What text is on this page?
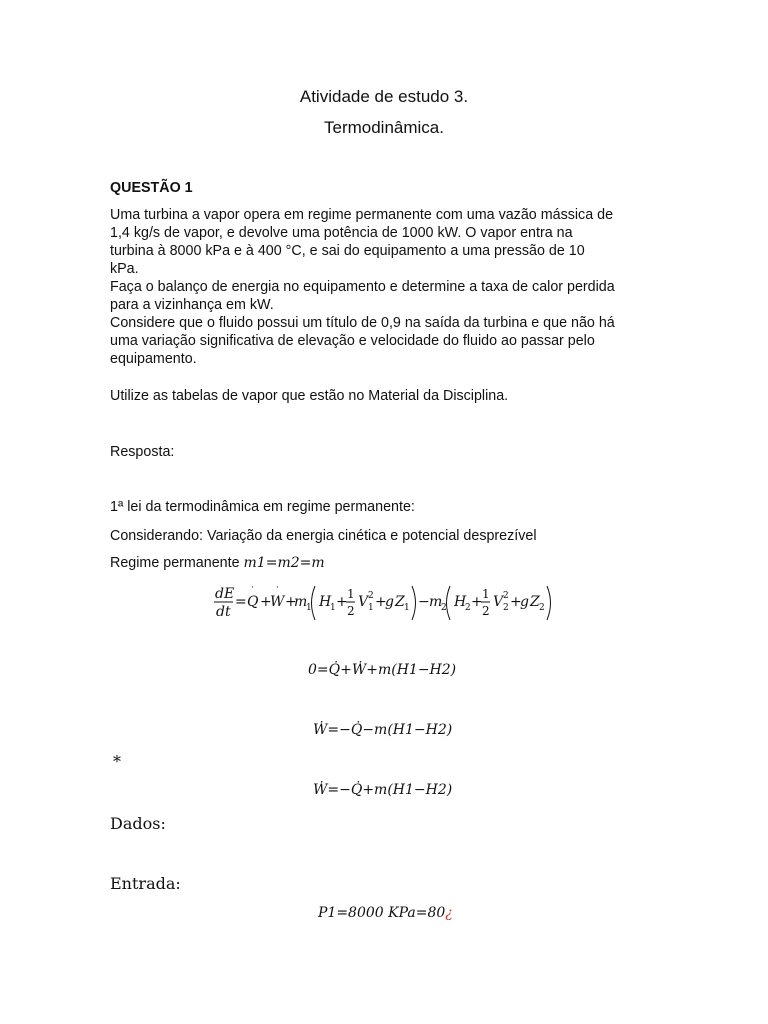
Atividade de estudo 3.
Termodinâmica.
QUESTÃO 1
Uma turbina a vapor opera em regime permanente com uma vazão mássica de
1,4 kg/s de vapor, e devolve uma potência de 1000 kW. O vapor entra na
turbina à 8000 kPa e à 400 °C, e sai do equipamento a uma pressão de 10
kPa.
Faça o balanço de energia no equipamento e determine a taxa de calor perdida
para a vizinhança em kW.
Considere que o fluido possui um título de 0,9 na saída da turbina e que não há
uma variação significativa de elevação e velocidade do fluido ao passar pelo
equipamento.
Utilize as tabelas de vapor que estão no Material da Disciplina.
Resposta:
1ª lei da termodinâmica em regime permanente:
Considerando: Variação da energia cinética e potencial desprezível
Regime permanente m1=m2=m
dE
dt
= Q
˙
+
W
˙
+
m
1 H
1 + 1
2
V 2
1 +
g Z 1 − m
2 H
2 + 1
2
V 2
2 +
g Z 2
0=Q̇+Ẇ+m(H1−H2)
Ẇ=−Q̇−m(H1−H2)
*
Ẇ=−Q̇+m(H1−H2)
Dados:
Entrada:
P1=8000 KPa=80¿
